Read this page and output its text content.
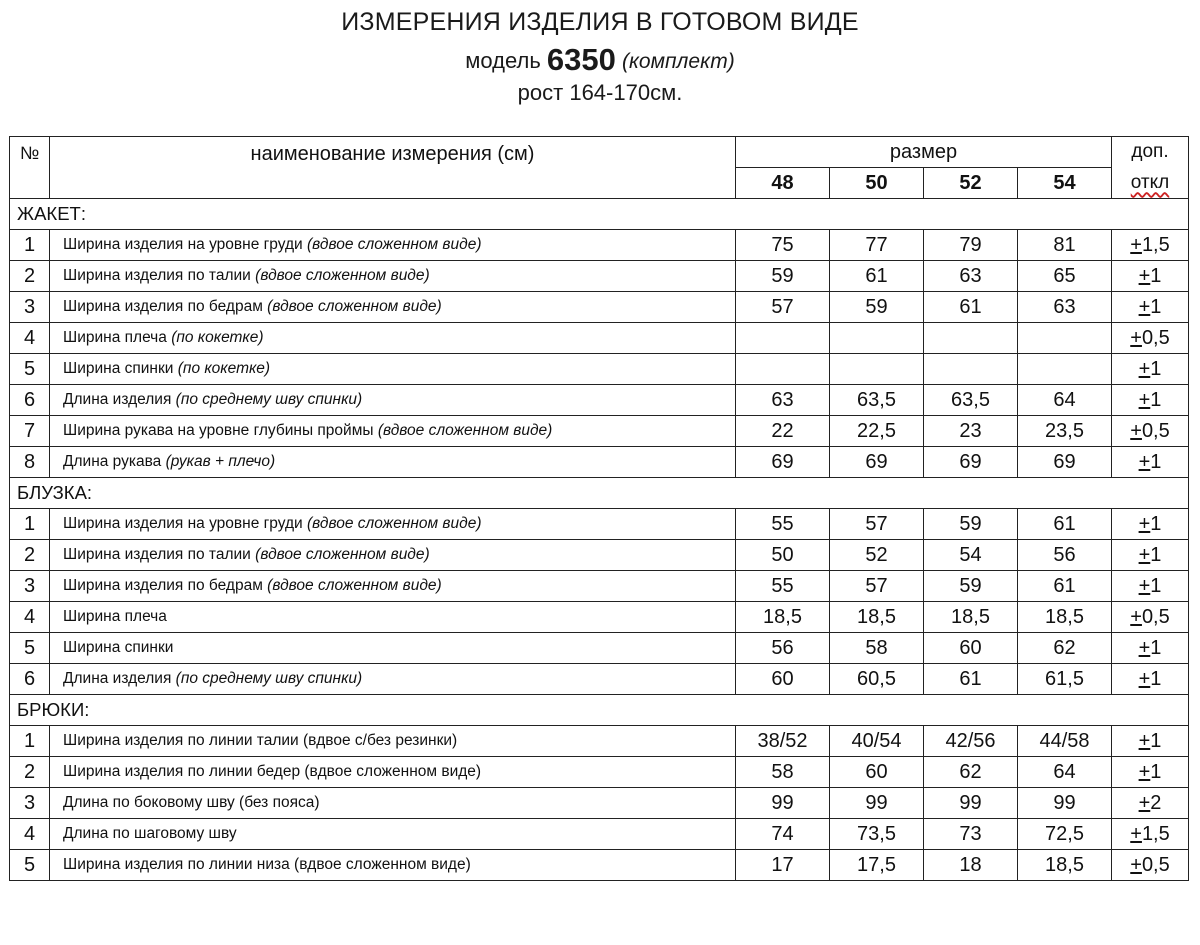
ИЗМЕРЕНИЯ ИЗДЕЛИЯ В ГОТОВОМ ВИДЕ
модель 6350 (комплект)
рост 164-170см.
№	наименование измерения (см)	размер				доп.
		48	50	52	54	откл
ЖАКЕТ:						
1	Ширина изделия на уровне груди (вдвое сложенном виде)	75	77	79	81	+1,5
2	Ширина изделия по талии (вдвое сложенном виде)	59	61	63	65	+1
3	Ширина изделия по бедрам (вдвое сложенном виде)	57	59	61	63	+1
4	Ширина плеча (по кокетке)					+0,5
5	Ширина спинки (по кокетке)					+1
6	Длина изделия (по среднему шву спинки)	63	63,5	63,5	64	+1
7	Ширина рукава на уровне глубины проймы (вдвое сложенном виде)	22	22,5	23	23,5	+0,5
8	Длина рукава (рукав + плечо)	69	69	69	69	+1
БЛУЗКА:						
1	Ширина изделия на уровне груди (вдвое сложенном виде)	55	57	59	61	+1
2	Ширина изделия по талии (вдвое сложенном виде)	50	52	54	56	+1
3	Ширина изделия по бедрам (вдвое сложенном виде)	55	57	59	61	+1
4	Ширина плеча	18,5	18,5	18,5	18,5	+0,5
5	Ширина спинки	56	58	60	62	+1
6	Длина изделия (по среднему шву спинки)	60	60,5	61	61,5	+1
БРЮКИ:						
1	Ширина изделия по линии талии (вдвое с/без резинки)	38/52	40/54	42/56	44/58	+1
2	Ширина изделия по линии бедер (вдвое сложенном виде)	58	60	62	64	+1
3	Длина по боковому шву (без пояса)	99	99	99	99	+2
4	Длина по шаговому шву	74	73,5	73	72,5	+1,5
5	Ширина изделия по линии низа (вдвое сложенном виде)	17	17,5	18	18,5	+0,5
